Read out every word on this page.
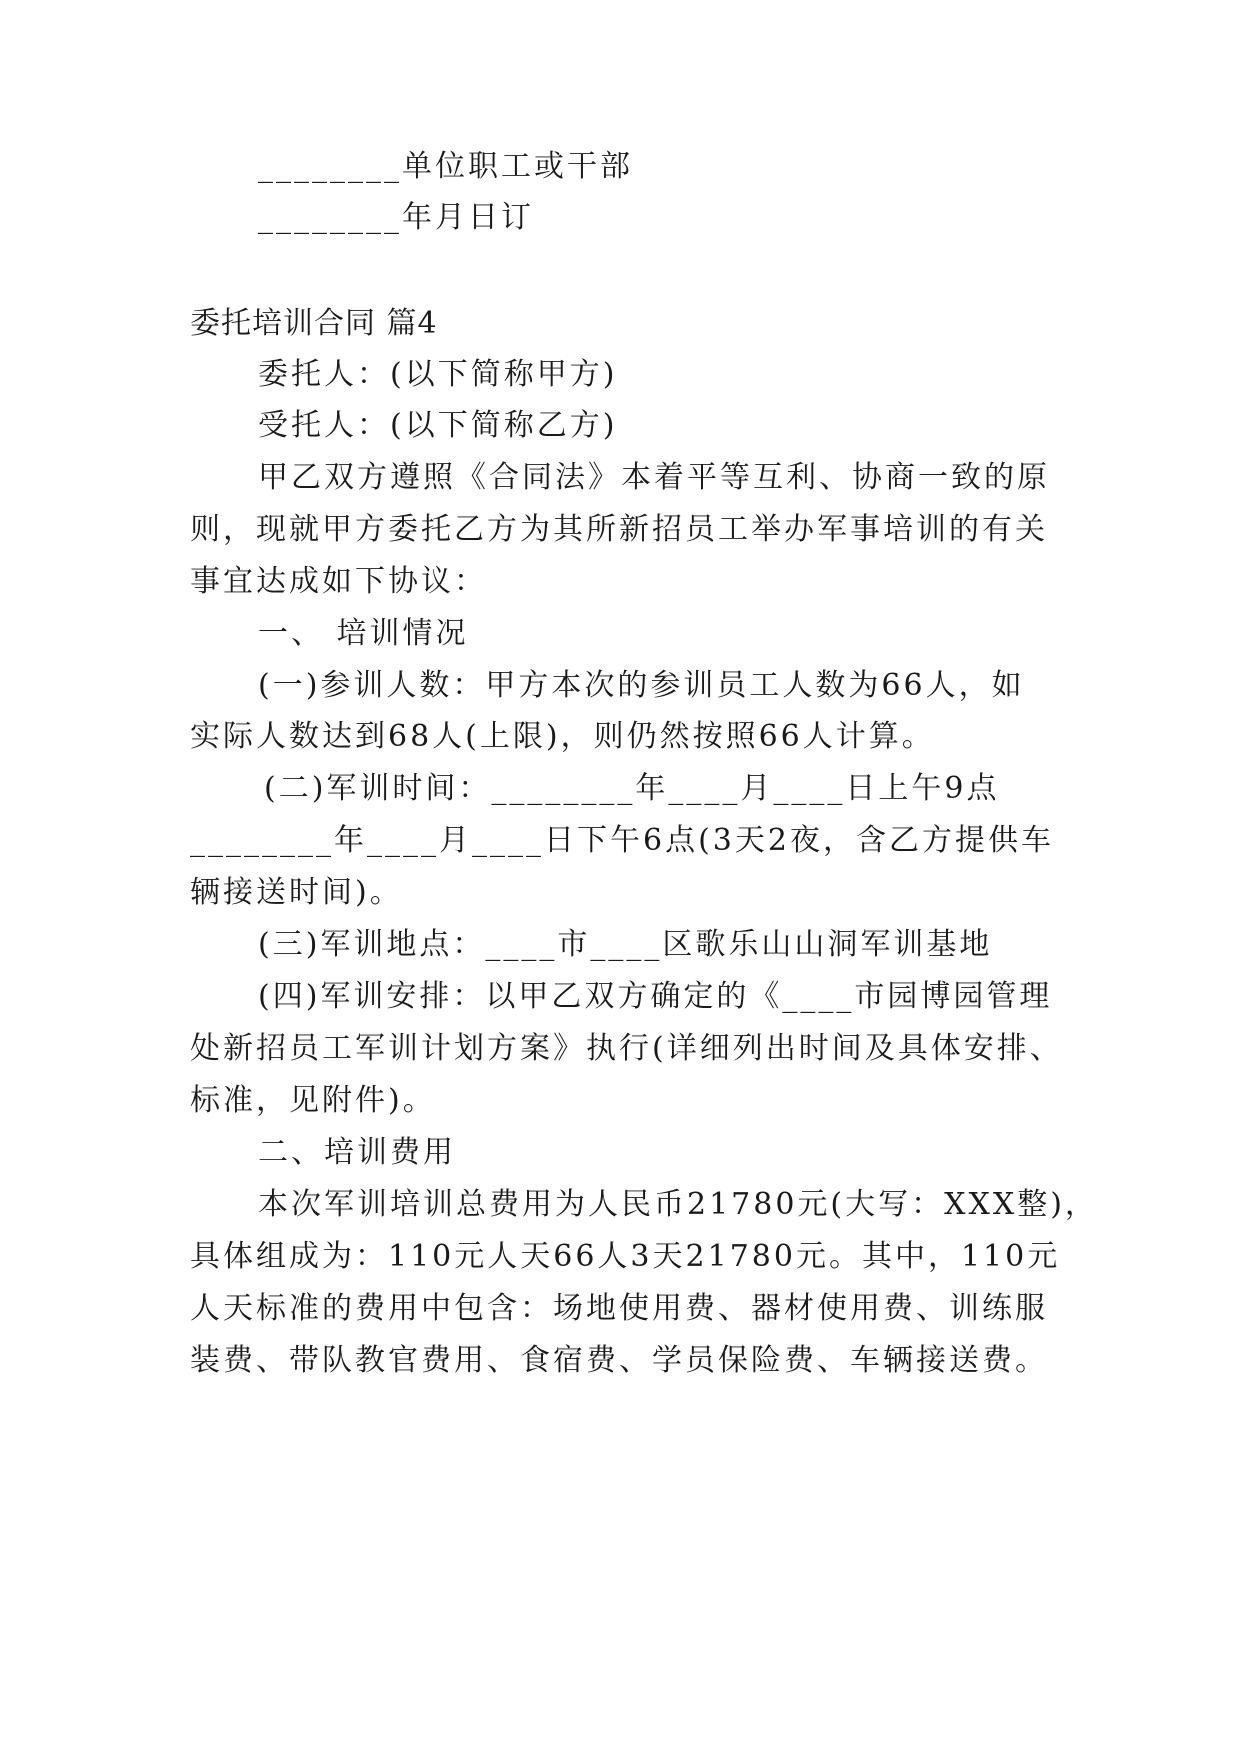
________单位职工或干部
________年月日订
委托培训合同 篇4
委托人：(以下简称甲方)
受托人：(以下简称乙方)
甲乙双方遵照《合同法》本着平等互利、协商一致的原
则，现就甲方委托乙方为其所新招员工举办军事培训的有关
事宜达成如下协议：
一、 培训情况
(一)参训人数：甲方本次的参训员工人数为66人，如
实际人数达到68人(上限)，则仍然按照66人计算。
(二)军训时间：________年____月____日上午9点
________年____月____日下午6点(3天2夜，含乙方提供车
辆接送时间)。
(三)军训地点：____市____区歌乐山山洞军训基地
(四)军训安排：以甲乙双方确定的《____市园博园管理
处新招员工军训计划方案》执行(详细列出时间及具体安排、
标准，见附件)。
二、培训费用
本次军训培训总费用为人民币21780元(大写：XXX整)，
具体组成为：110元人天66人3天21780元。其中，110元
人天标准的费用中包含：场地使用费、器材使用费、训练服
装费、带队教官费用、食宿费、学员保险费、车辆接送费。
